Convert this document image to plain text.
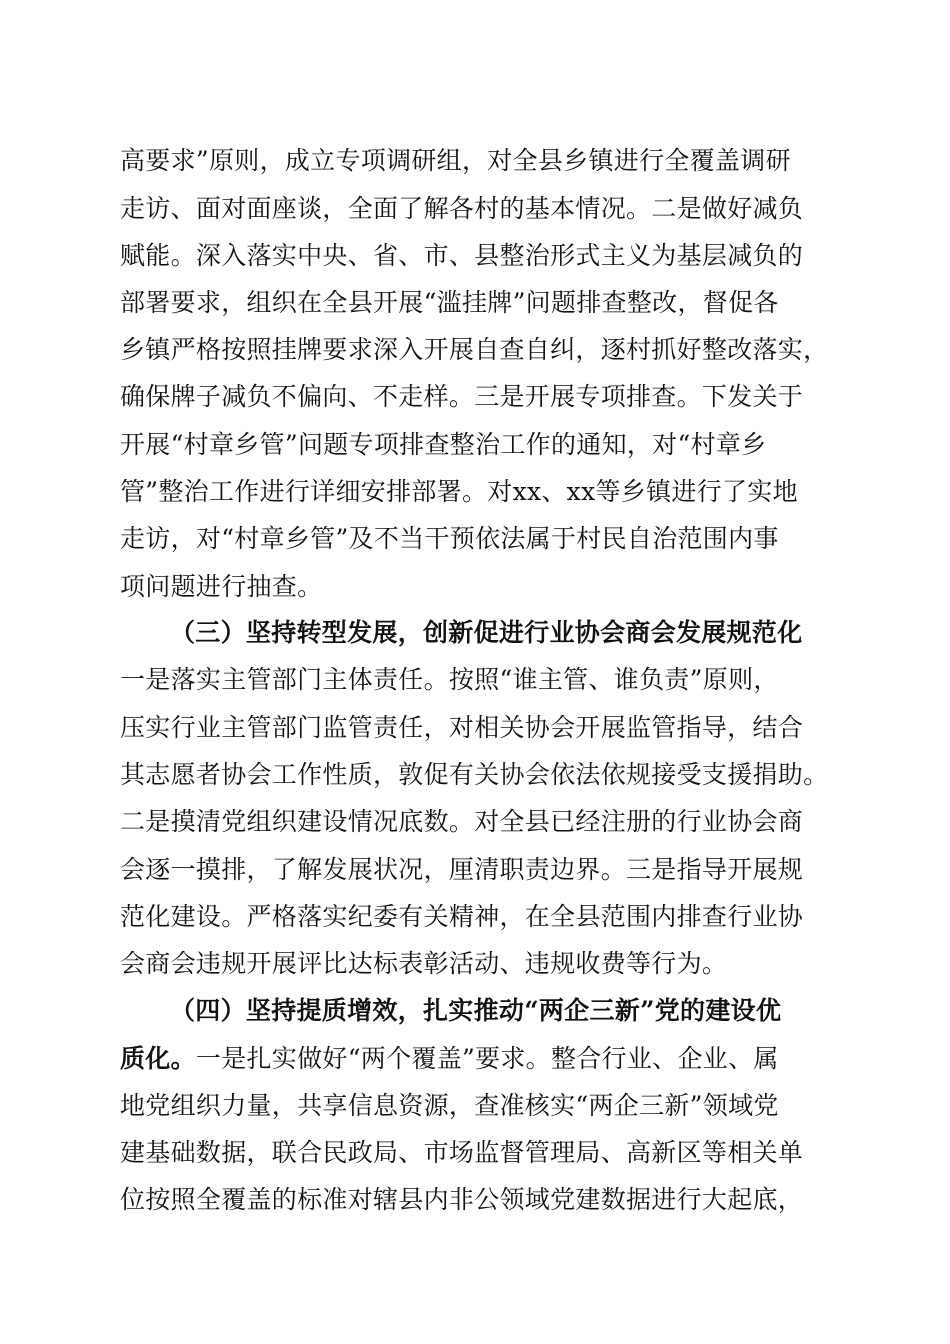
高要求”原则，成立专项调研组，对全县乡镇进行全覆盖调研
走访、面对面座谈，全面了解各村的基本情况。二是做好减负
赋能。深入落实中央、省、市、县整治形式主义为基层减负的
部署要求，组织在全县开展“滥挂牌”问题排查整改，督促各
乡镇严格按照挂牌要求深入开展自查自纠，逐村抓好整改落实，
确保牌子减负不偏向、不走样。三是开展专项排查。下发关于
开展“村章乡管”问题专项排查整治工作的通知，对“村章乡
管”整治工作进行详细安排部署。对xx、xx等乡镇进行了实地
走访，对“村章乡管”及不当干预依法属于村民自治范围内事
项问题进行抽查。
（三）坚持转型发展，创新促进行业协会商会发展规范化
一是落实主管部门主体责任。按照“谁主管、谁负责”原则，
压实行业主管部门监管责任，对相关协会开展监管指导，结合
其志愿者协会工作性质，敦促有关协会依法依规接受支援捐助。
二是摸清党组织建设情况底数。对全县已经注册的行业协会商
会逐一摸排，了解发展状况，厘清职责边界。三是指导开展规
范化建设。严格落实纪委有关精神，在全县范围内排查行业协
会商会违规开展评比达标表彰活动、违规收费等行为。
（四）坚持提质增效，扎实推动“两企三新”党的建设优
质化。一是扎实做好“两个覆盖”要求。整合行业、企业、属
地党组织力量，共享信息资源，查准核实“两企三新”领域党
建基础数据，联合民政局、市场监督管理局、高新区等相关单
位按照全覆盖的标准对辖县内非公领域党建数据进行大起底，
